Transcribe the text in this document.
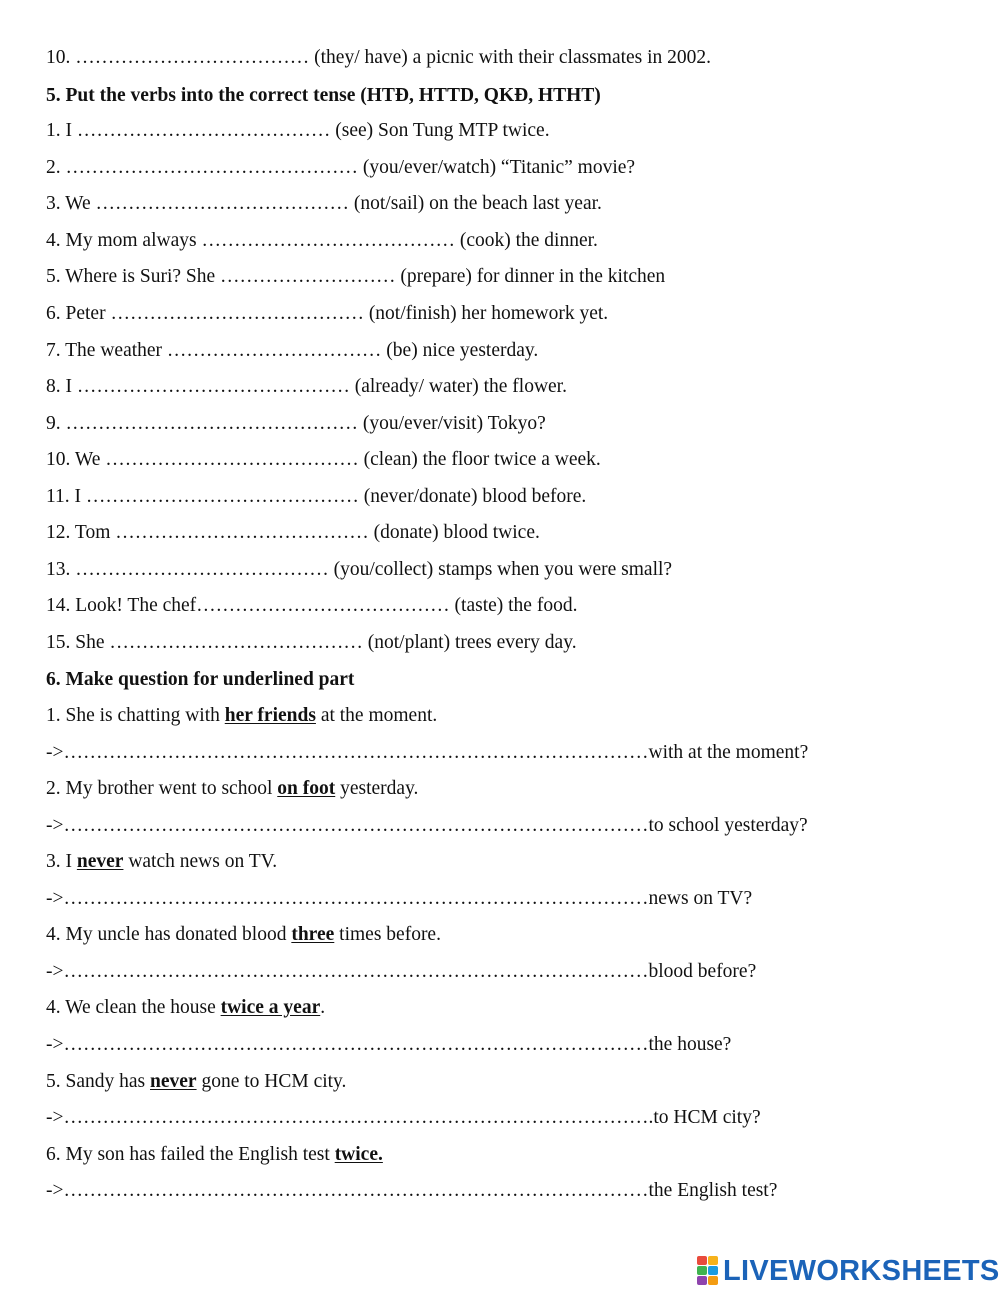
10. ……………………………… (they/ have) a picnic with their classmates in 2002.
5. Put the verbs into the correct tense (HTĐ, HTTD, QKĐ, HTHT)
1. I ………………………………… (see) Son Tung MTP twice.
2. ……………………………………… (you/ever/watch) “Titanic” movie?
3. We ………………………………… (not/sail) on the beach last year.
4. My mom always ………………………………… (cook) the dinner.
5. Where is Suri? She ……………………… (prepare) for dinner in the kitchen
6. Peter ………………………………… (not/finish) her homework yet.
7. The weather …………………………… (be) nice yesterday.
8. I …………………………………… (already/ water) the flower.
9. ……………………………………… (you/ever/visit) Tokyo?
10. We ………………………………… (clean) the floor twice a week.
11. I …………………………………… (never/donate) blood before.
12. Tom ………………………………… (donate) blood twice.
13. ………………………………… (you/collect) stamps when you were small?
14. Look! The chef………………………………… (taste) the food.
15. She ………………………………… (not/plant) trees every day.
6. Make question for underlined part
1. She is chatting with her friends at the moment.
->………………………………………………………………………………with at the moment?
2. My brother went to school on foot yesterday.
->………………………………………………………………………………to school yesterday?
3. I never watch news on TV.
->………………………………………………………………………………news on TV?
4. My uncle has donated blood three times before.
->………………………………………………………………………………blood before?
4. We clean the house twice a year.
->………………………………………………………………………………the house?
5. Sandy has never gone to HCM city.
->……………………………………………………………………………….to HCM city?
6. My son has failed the English test twice.
->………………………………………………………………………………the English test?
LIVEWORKSHEETS
